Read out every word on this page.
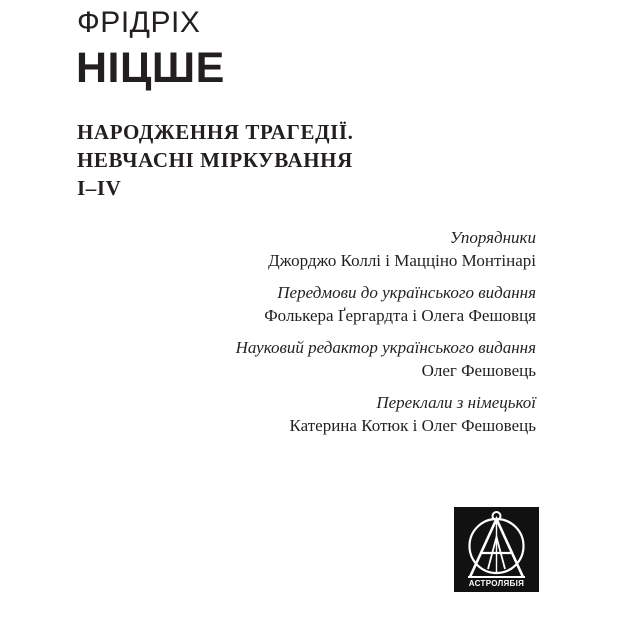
ФРІДРІХ
НІЦШЕ
НАРОДЖЕННЯ ТРАГЕДІЇ.
НЕВЧАСНІ МІРКУВАННЯ
I–IV
Упорядники
Джорджо Коллі і Мацціно Монтінарі
Передмови до українського видання
Фолькера Ґергардта і Олега Фешовця
Науковий редактор українського видання
Олег Фешовець
Переклали з німецької
Катерина Котюк і Олег Фешовець
АСТРОЛЯБІЯ
